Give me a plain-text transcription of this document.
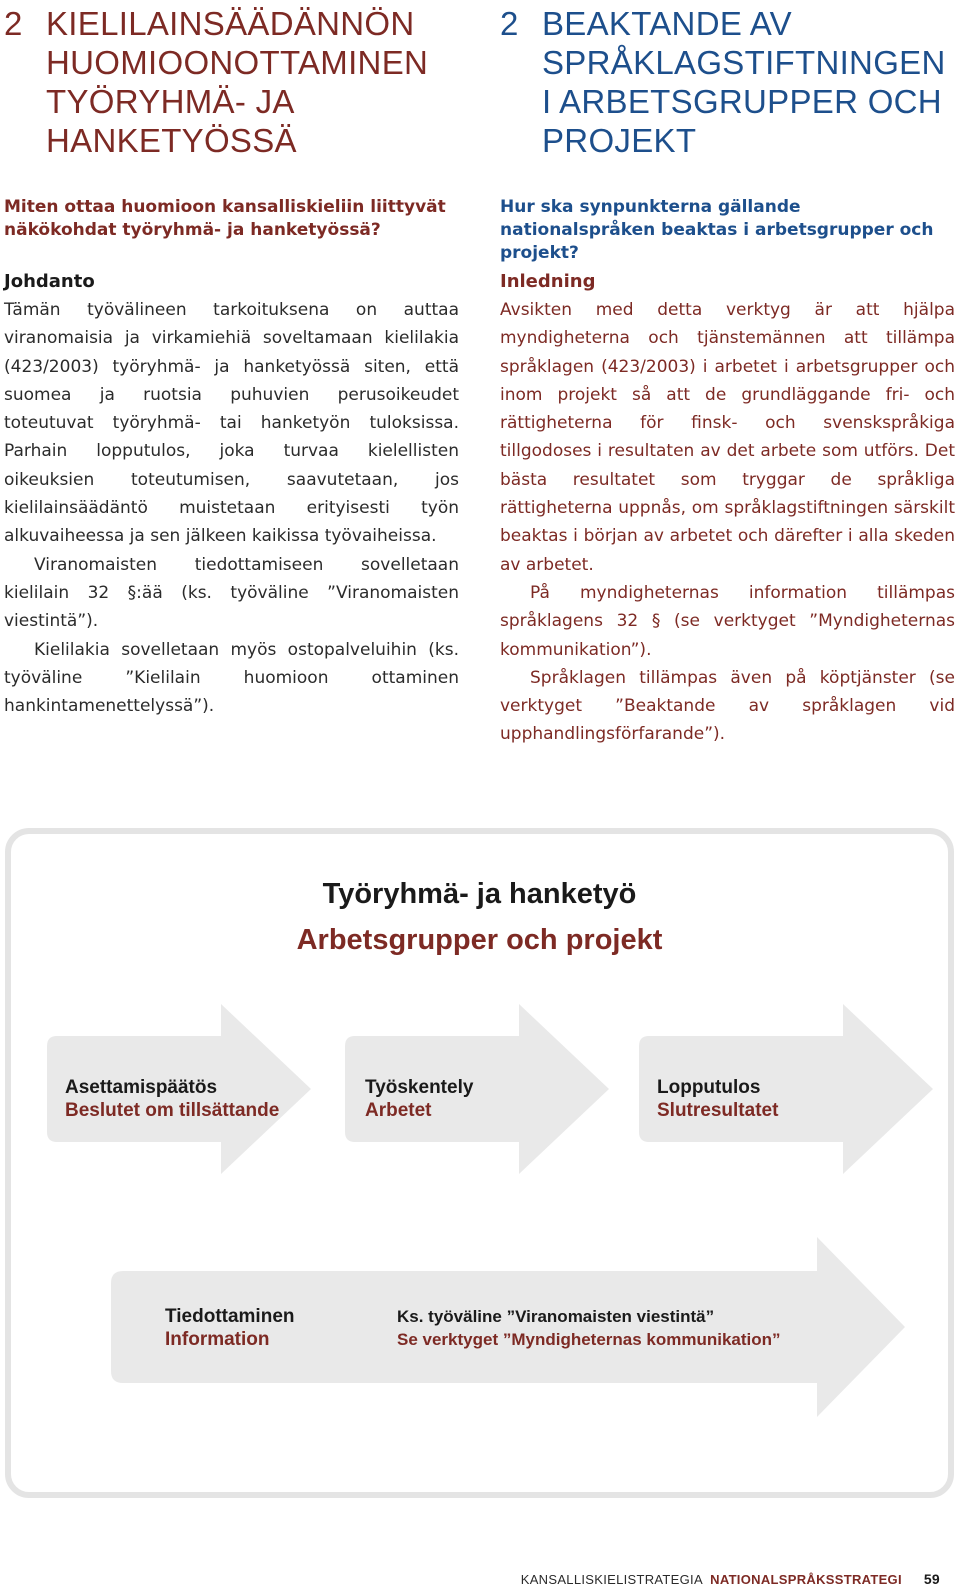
2 KIELILAINSÄÄDÄNNÖN HUOMIOONOTTAMINEN TYÖRYHMÄ- JA HANKETYÖSSÄ
Miten ottaa huomioon kansalliskieliin liittyvät näkökohdat työryhmä- ja hanketyössä?
Johdanto

Tämän työvälineen tarkoituksena on auttaa viranomaisia ja virkamiehiä soveltamaan kielilakia (423/2003) työryhmä- ja hanketyössä siten, että suomea ja ruotsia puhuvien perusoikeudet toteutuvat työryhmä- tai hanketyön tuloksissa. Parhain lopputulos, joka turvaa kielellisten oikeuksien toteutumisen, saavutetaan, jos kielilainsäädäntö muistetaan erityisesti työn alkuvaiheessa ja sen jälkeen kaikissa työvaiheissa.

Viranomaisten tiedottamiseen sovelletaan kielilain 32 §:ää (ks. työväline ”Viranomaisten viestintä”).

Kielilakia sovelletaan myös ostopalveluihin (ks. työväline ”Kielilain huomioon ottaminen hankintamenettelyssä”).

2 BEAKTANDE AV SPRÅKLAGSTIFTNINGEN I ARBETSGRUPPER OCH PROJEKT
Hur ska synpunkterna gällande nationalspråken beaktas i arbetsgrupper och projekt?
Inledning

Avsikten med detta verktyg är att hjälpa myndigheterna och tjänstemännen att tillämpa språklagen (423/2003) i arbetet i arbetsgrupper och inom projekt så att de grundläggande fri- och rättigheterna för finsk- och svenskspråkiga tillgodoses i resultaten av det arbete som utförs. Det bästa resultatet som tryggar de språkliga rättigheterna uppnås, om språklagstiftningen särskilt beaktas i början av arbetet och därefter i alla skeden av arbetet.

På myndigheternas information tillämpas språklagens 32 § (se verktyget ”Myndigheternas kommunikation”).

Språklagen tillämpas även på köptjänster (se verktyget ”Beaktande av språklagen vid upphandlingsförfarande”).

Työryhmä- ja hanketyö
Arbetsgrupper och projekt
Asettamispäätös
Beslutet om tillsättande
Työskentely
Arbetet
Lopputulos
Slutresultatet
Tiedottaminen
Information
Ks. työväline ”Viranomaisten viestintä”
Se verktyget ”Myndigheternas kommunikation”
KANSALLISKIELISTRATEGIA NATIONALSPRÅKSSTRATEGI 59
